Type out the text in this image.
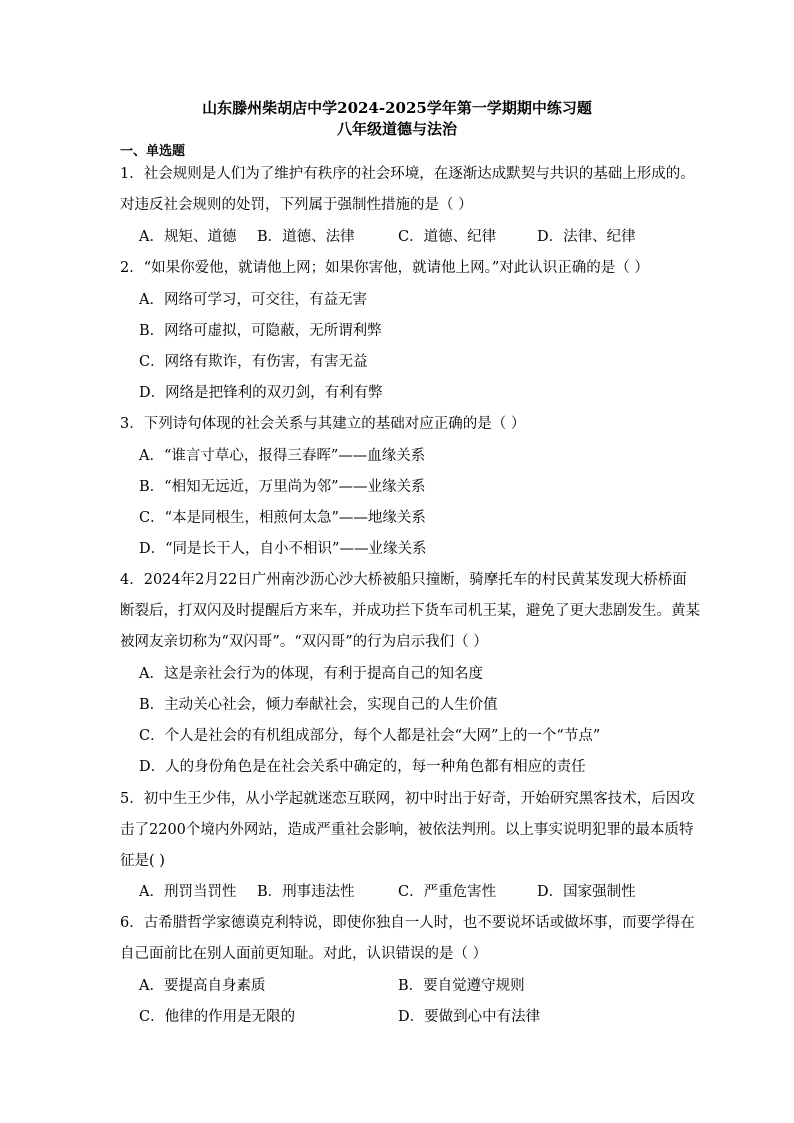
山东滕州柴胡店中学2024-2025学年第一学期期中练习题
八年级道德与法治
一、单选题
1．社会规则是人们为了维护有秩序的社会环境，在逐渐达成默契与共识的基础上形成的。
对违反社会规则的处罚，下列属于强制性措施的是（ ）
A．规矩、道德 B．道德、法律	C．道德、纪律	D．法律、纪律
2．“如果你爱他，就请他上网；如果你害他，就请他上网。”对此认识正确的是（ ）
A．网络可学习，可交往，有益无害
B．网络可虚拟，可隐蔽，无所谓利弊
C．网络有欺诈，有伤害，有害无益
D．网络是把锋利的双刃剑，有利有弊
3．下列诗句体现的社会关系与其建立的基础对应正确的是（ ）
A．“谁言寸草心，报得三春晖”——血缘关系
B．“相知无远近，万里尚为邻”——业缘关系
C．“本是同根生，相煎何太急”——地缘关系
D．“同是长干人，自小不相识”——业缘关系
4．2024年2月22日广州南沙沥心沙大桥被船只撞断，骑摩托车的村民黄某发现大桥桥面
断裂后，打双闪及时提醒后方来车，并成功拦下货车司机王某，避免了更大悲剧发生。黄某
被网友亲切称为“双闪哥”。“双闪哥”的行为启示我们（ ）
A．这是亲社会行为的体现，有利于提高自己的知名度
B．主动关心社会，倾力奉献社会，实现自己的人生价值
C．个人是社会的有机组成部分，每个人都是社会“大网”上的一个“节点”
D．人的身份角色是在社会关系中确定的，每一种角色都有相应的责任
5．初中生王少伟，从小学起就迷恋互联网，初中时出于好奇，开始研究黑客技术，后因攻
击了2200个境内外网站，造成严重社会影响，被依法判刑。以上事实说明犯罪的最本质特
征是( )
A．刑罚当罚性 B．刑事违法性	C．严重危害性	D．国家强制性
6．古希腊哲学家德谟克利特说，即使你独自一人时，也不要说坏话或做坏事，而要学得在
自己面前比在别人面前更知耻。对此，认识错误的是（ ）
A．要提高自身素质	B．要自觉遵守规则
C．他律的作用是无限的	D．要做到心中有法律
